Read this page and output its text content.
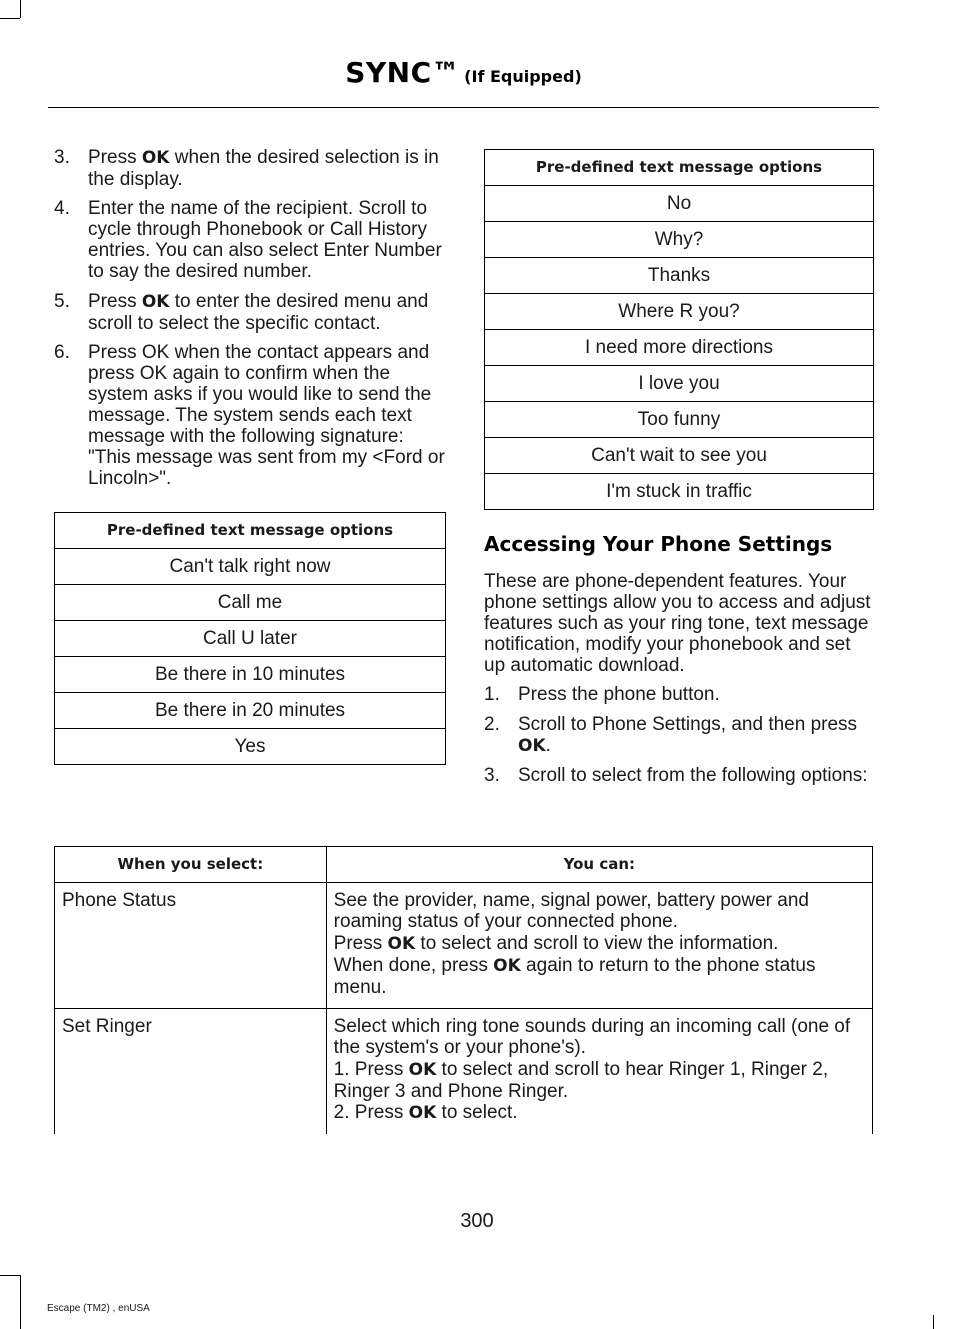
SYNC™ (If Equipped)
3. Press OK when the desired selection is in the display.
4. Enter the name of the recipient. Scroll to cycle through Phonebook or Call History entries. You can also select Enter Number to say the desired number.
5. Press OK to enter the desired menu and scroll to select the specific contact.
6. Press OK when the contact appears and press OK again to confirm when the system asks if you would like to send the message. The system sends each text message with the following signature: "This message was sent from my <Ford or Lincoln>".
Pre-defined text message options
Can't talk right now
Call me
Call U later
Be there in 10 minutes
Be there in 20 minutes
Yes
Pre-defined text message options
No
Why?
Thanks
Where R you?
I need more directions
I love you
Too funny
Can't wait to see you
I'm stuck in traffic
Accessing Your Phone Settings

These are phone-dependent features. Your phone settings allow you to access and adjust features such as your ring tone, text message notification, modify your phonebook and set up automatic download.

1. Press the phone button.
2. Scroll to Phone Settings, and then press OK.
3. Scroll to select from the following options:
When you select:	You can:
Phone Status	See the provider, name, signal power, battery power and roaming status of your connected phone.
Press OK to select and scroll to view the information.
When done, press OK again to return to the phone status menu.

Set Ringer	Select which ring tone sounds during an incoming call (one of the system's or your phone's).
1. Press OK to select and scroll to hear Ringer 1, Ringer 2, Ringer 3 and Phone Ringer.
2. Press OK to select.
300
Escape (TM2) , enUSA
